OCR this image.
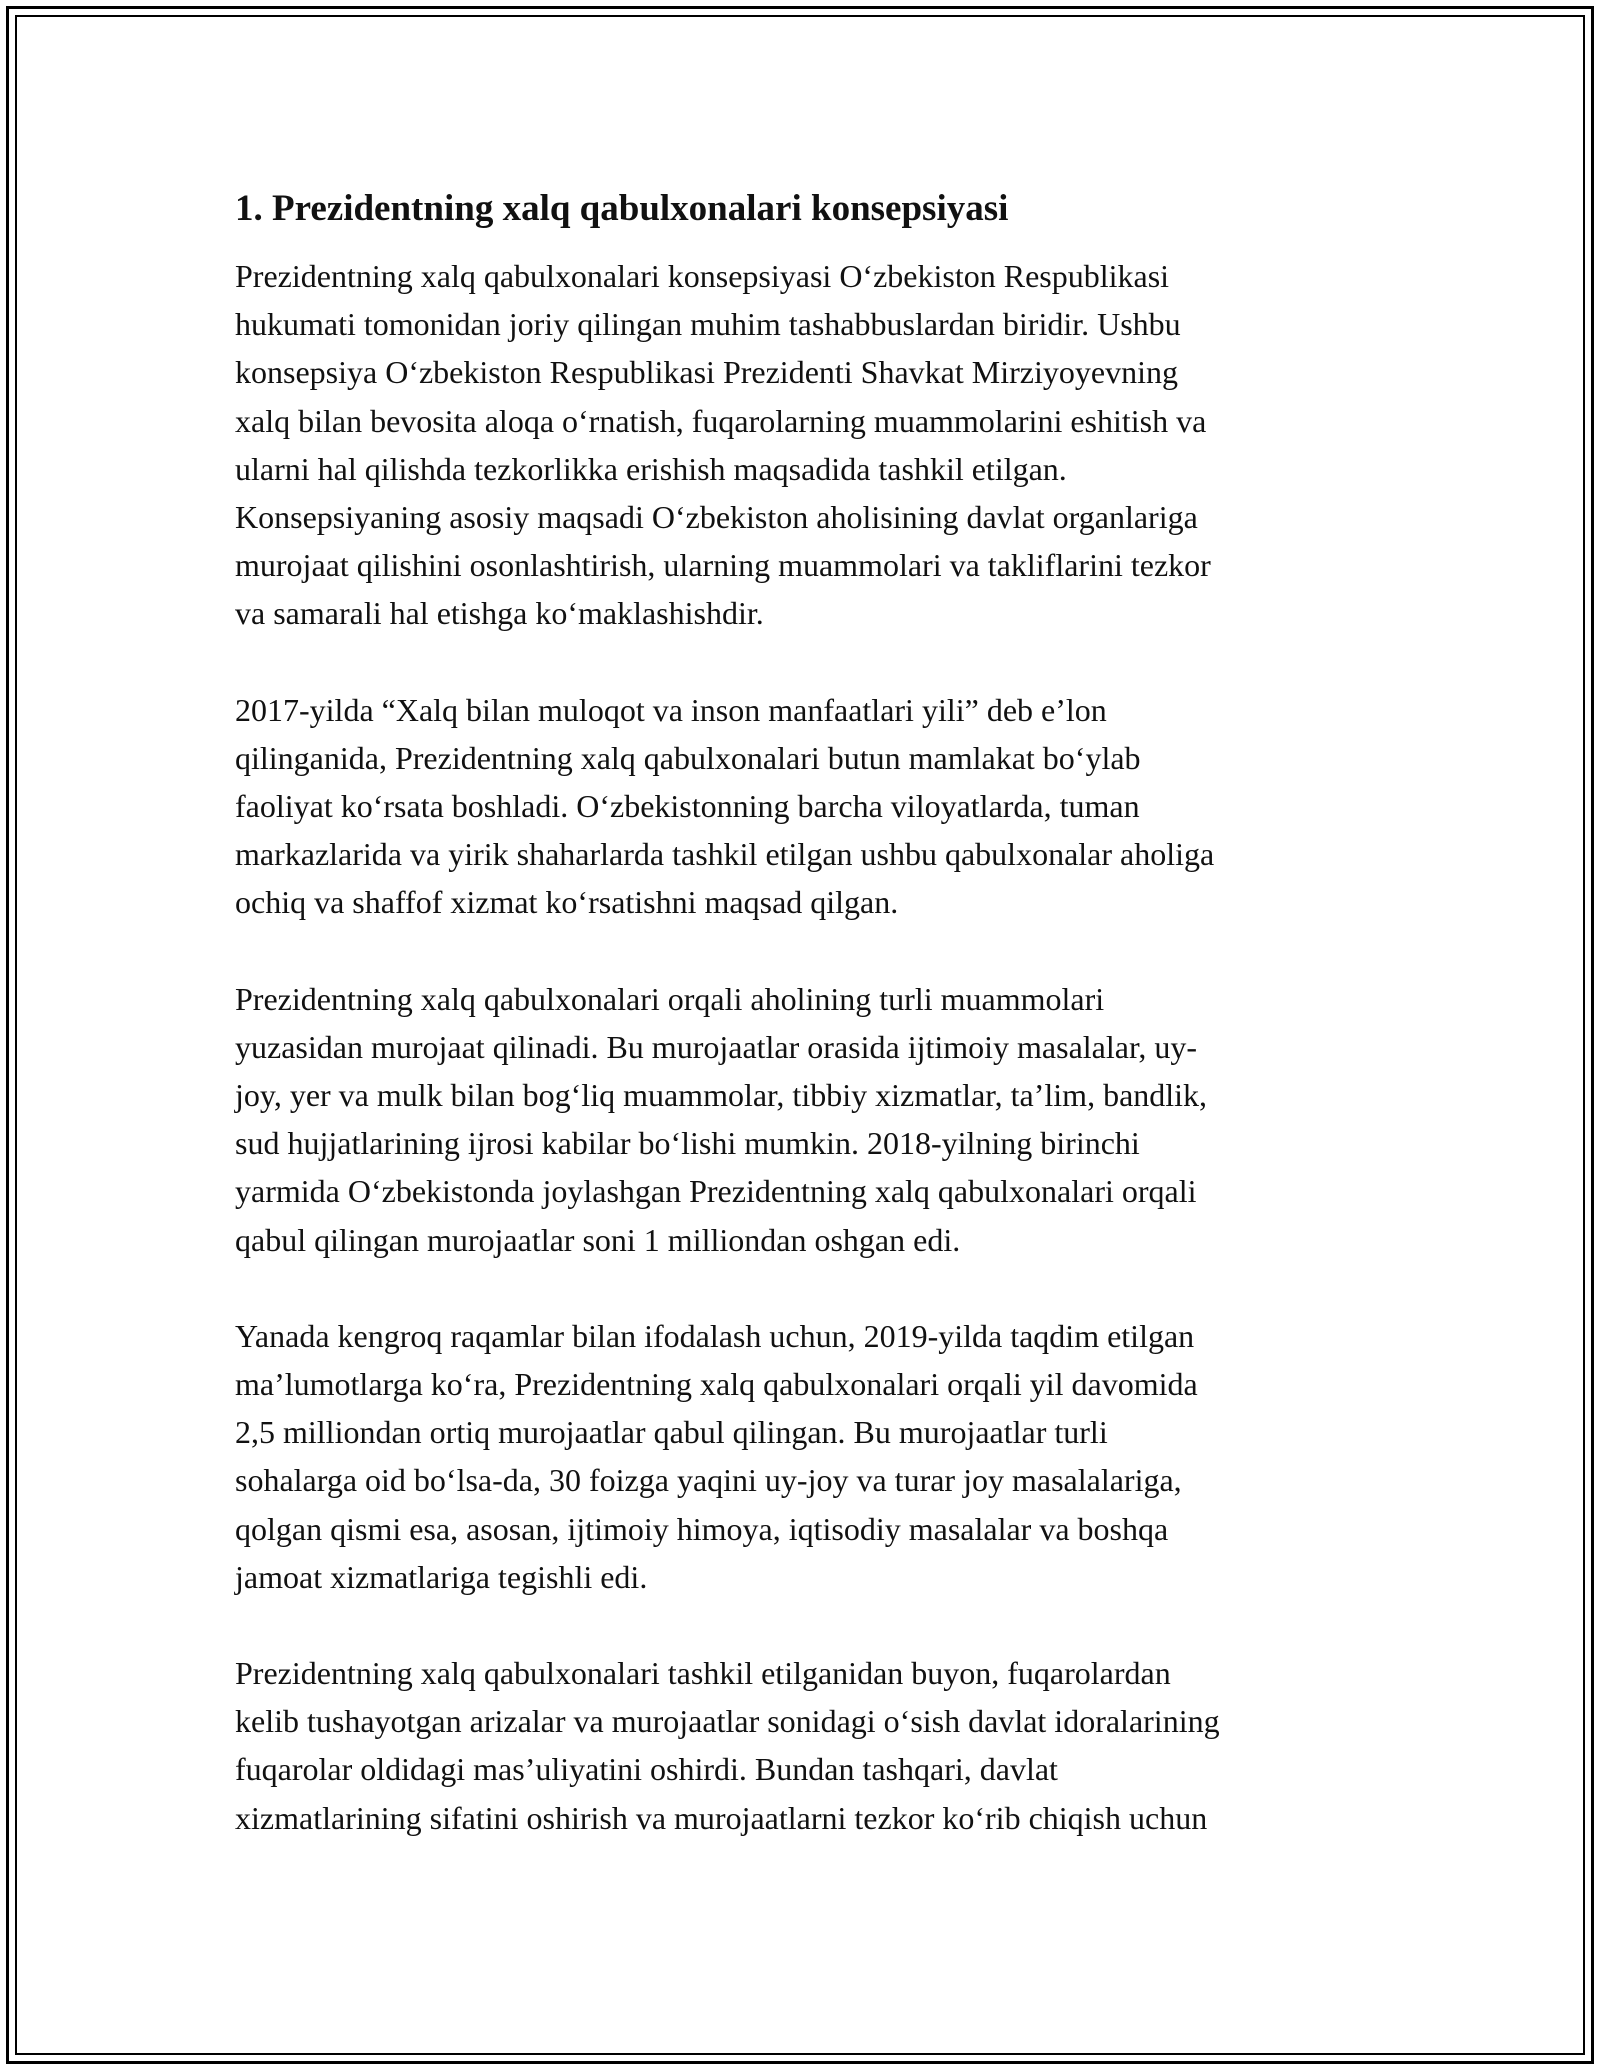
1. Prezidentning xalq qabulxonalari konsepsiyasi

Prezidentning xalq qabulxonalari konsepsiyasi O‘zbekiston Respublikasi
hukumati tomonidan joriy qilingan muhim tashabbuslardan biridir. Ushbu
konsepsiya O‘zbekiston Respublikasi Prezidenti Shavkat Mirziyoyevning
xalq bilan bevosita aloqa o‘rnatish, fuqarolarning muammolarini eshitish va
ularni hal qilishda tezkorlikka erishish maqsadida tashkil etilgan.
Konsepsiyaning asosiy maqsadi O‘zbekiston aholisining davlat organlariga
murojaat qilishini osonlashtirish, ularning muammolari va takliflarini tezkor
va samarali hal etishga ko‘maklashishdir.

2017-yilda “Xalq bilan muloqot va inson manfaatlari yili” deb e’lon
qilinganida, Prezidentning xalq qabulxonalari butun mamlakat bo‘ylab
faoliyat ko‘rsata boshladi. O‘zbekistonning barcha viloyatlarda, tuman
markazlarida va yirik shaharlarda tashkil etilgan ushbu qabulxonalar aholiga
ochiq va shaffof xizmat ko‘rsatishni maqsad qilgan.

Prezidentning xalq qabulxonalari orqali aholining turli muammolari
yuzasidan murojaat qilinadi. Bu murojaatlar orasida ijtimoiy masalalar, uy-
joy, yer va mulk bilan bog‘liq muammolar, tibbiy xizmatlar, ta’lim, bandlik,
sud hujjatlarining ijrosi kabilar bo‘lishi mumkin. 2018-yilning birinchi
yarmida O‘zbekistonda joylashgan Prezidentning xalq qabulxonalari orqali
qabul qilingan murojaatlar soni 1 milliondan oshgan edi.

Yanada kengroq raqamlar bilan ifodalash uchun, 2019-yilda taqdim etilgan
ma’lumotlarga ko‘ra, Prezidentning xalq qabulxonalari orqali yil davomida
2,5 milliondan ortiq murojaatlar qabul qilingan. Bu murojaatlar turli
sohalarga oid bo‘lsa-da, 30 foizga yaqini uy-joy va turar joy masalalariga,
qolgan qismi esa, asosan, ijtimoiy himoya, iqtisodiy masalalar va boshqa
jamoat xizmatlariga tegishli edi.

Prezidentning xalq qabulxonalari tashkil etilganidan buyon, fuqarolardan
kelib tushayotgan arizalar va murojaatlar sonidagi o‘sish davlat idoralarining
fuqarolar oldidagi mas’uliyatini oshirdi. Bundan tashqari, davlat
xizmatlarining sifatini oshirish va murojaatlarni tezkor ko‘rib chiqish uchun
